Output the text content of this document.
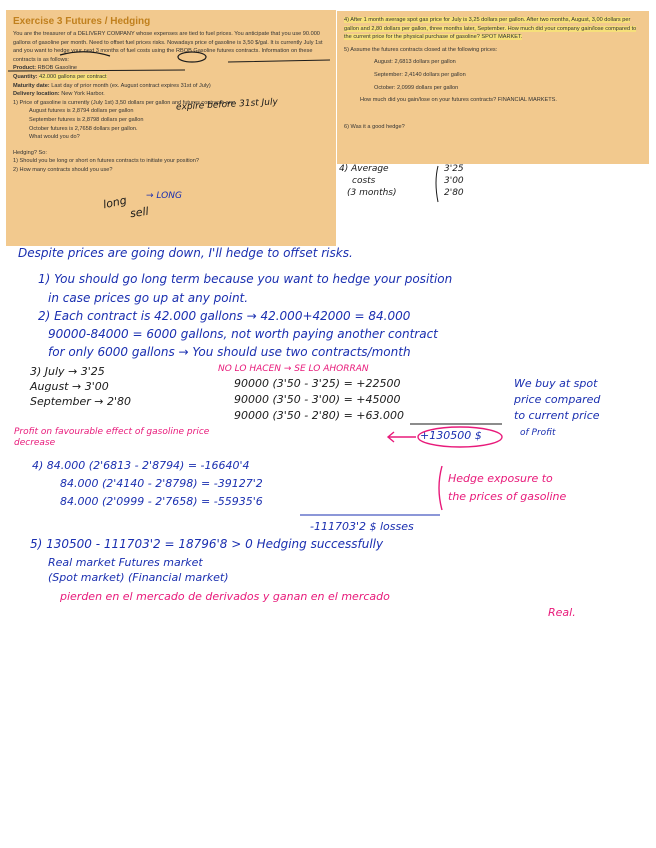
Exercise 3 Futures / Hedging

You are the treasurer of a DELIVERY COMPANY whose expenses are tied to fuel prices. You anticipate that you use 90.000 gallons of gasoline per month. Need to offset fuel prices risks. Nowadays price of gasoline is 3,50 $/gal. It is currently July 1st and you want to hedge your next 3 months of fuel costs using the RBOB Gasoline futures contracts. Information on these contracts is as follows:

Product: RBOB Gasoline

Quantity: 42.000 gallons per contract

Maturity date: Last day of prior month (ex. August contract expires 31st of July)

Delivery location: New York Harbor.

1) Price of gasoline is currently (July 1st) 3,50 dollars per gallon and futures contracts are:

August futures is 2,8794 dollars per gallon

September futures is 2,8798 dollars per gallon

October futures is 2,7658 dollars per gallon.

What would you do?

Hedging? So:

1) Should you be long or short on futures contracts to initiate your position?

2) How many contracts should you use?

4) After 1 month average spot gas price for July is 3,25 dollars per gallon. After two months, August, 3,00 dollars per gallon and 2,80 dollars per gallon, three months later, September. How much did your company gain/lose compared to the current price for the physical purchase of gasoline? SPOT MARKET.

5) Assume the futures contracts closed at the following prices:

August: 2,6813 dollars per gallon

September: 2,4140 dollars per gallon

October: 2,0999 dollars per gallon

How much did you gain/lose on your futures contracts? FINANCIAL MARKETS.

6) Was it a good hedge?

expire before 31st July
long
sell
→ LONG
4) Average
costs
(3 months)
3'25
3'00
2'80
Despite prices are going down, I'll hedge to offset risks.
1) You should go long term because you want to hedge your position
in case prices go up at any point.
2) Each contract is 42.000 gallons → 42.000+42000 = 84.000
90000-84000 = 6000 gallons, not worth paying another contract
for only 6000 gallons → You should use two contracts/month
3) July → 3'25
August → 3'00
September → 2'80
NO LO HACEN → SE LO AHORRAN
90000 (3'50 - 3'25) = +22500
90000 (3'50 - 3'00) = +45000
90000 (3'50 - 2'80) = +63.000
+130500 $	of Profit
We buy at spot
price compared
to current price
Profit on favourable effect of gasoline price
decrease
4) 84.000 (2'6813 - 2'8794) = -16640'4
84.000 (2'4140 - 2'8798) = -39127'2
84.000 (2'0999 - 2'7658) = -55935'6
-111703'2 $ losses
Hedge exposure to
the prices of gasoline
5) 130500 - 111703'2 = 18796'8 > 0 Hedging successfully
Real market Futures market
(Spot market) (Financial market)
pierden en el mercado de derivados y ganan en el mercado
Real.
